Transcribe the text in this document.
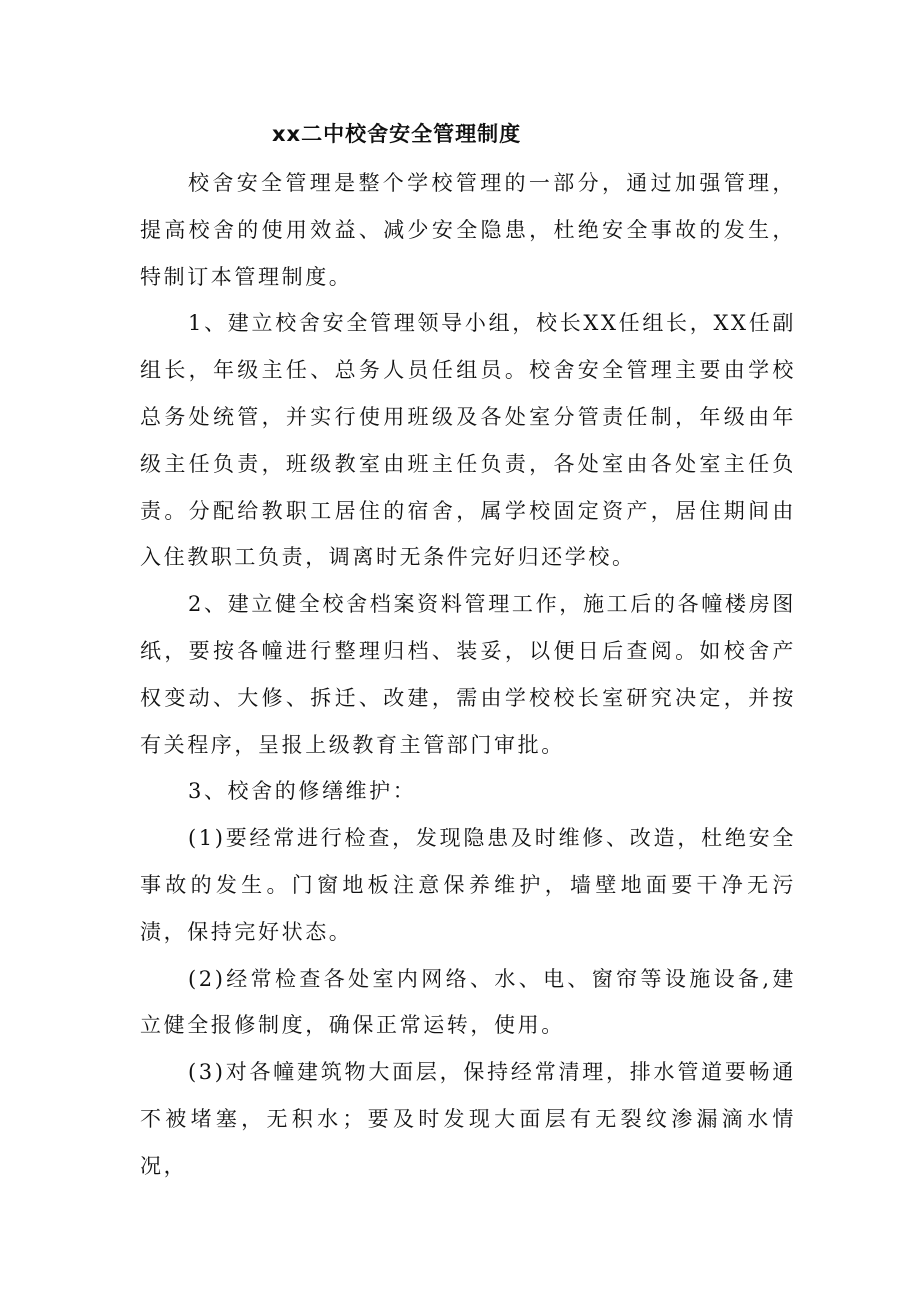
xx二中校舍安全管理制度

校舍安全管理是整个学校管理的一部分，通过加强管理，提高校舍的使用效益、减少安全隐患，杜绝安全事故的发生，特制订本管理制度。

1、建立校舍安全管理领导小组，校长XX任组长，XX任副组长，年级主任、总务人员任组员。校舍安全管理主要由学校总务处统管，并实行使用班级及各处室分管责任制，年级由年级主任负责，班级教室由班主任负责，各处室由各处室主任负责。分配给教职工居住的宿舍，属学校固定资产，居住期间由入住教职工负责，调离时无条件完好归还学校。

2、建立健全校舍档案资料管理工作，施工后的各幢楼房图纸，要按各幢进行整理归档、装妥，以便日后查阅。如校舍产权变动、大修、拆迁、改建，需由学校校长室研究决定，并按有关程序，呈报上级教育主管部门审批。

3、校舍的修缮维护：

(1)要经常进行检查，发现隐患及时维修、改造，杜绝安全事故的发生。门窗地板注意保养维护，墙壁地面要干净无污渍，保持完好状态。

(2)经常检查各处室内网络、水、电、窗帘等设施设备,建立健全报修制度，确保正常运转，使用。

(3)对各幢建筑物大面层，保持经常清理，排水管道要畅通不被堵塞，无积水；要及时发现大面层有无裂纹渗漏滴水情况，
